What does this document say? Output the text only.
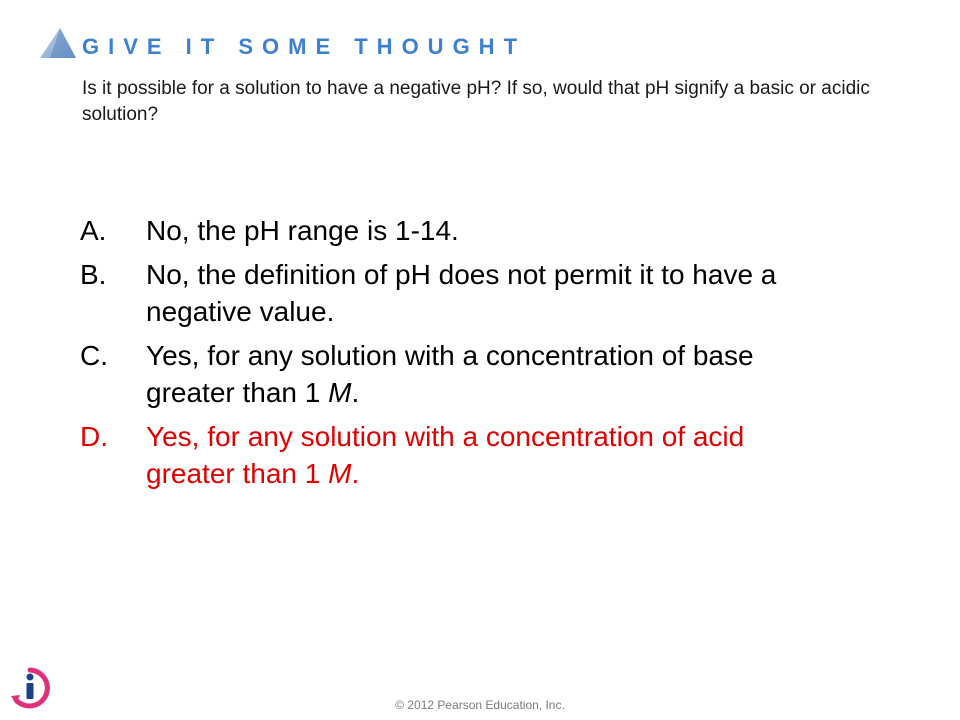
GIVE IT SOME THOUGHT
Is it possible for a solution to have a negative pH? If so, would that pH signify a basic or acidic solution?
A.	No, the pH range is 1-14.
B.	No, the definition of pH does not permit it to have a negative value.
C.	Yes, for any solution with a concentration of base greater than 1 M.
D.	Yes, for any solution with a concentration of acid greater than 1 M.
© 2012 Pearson Education, Inc.
